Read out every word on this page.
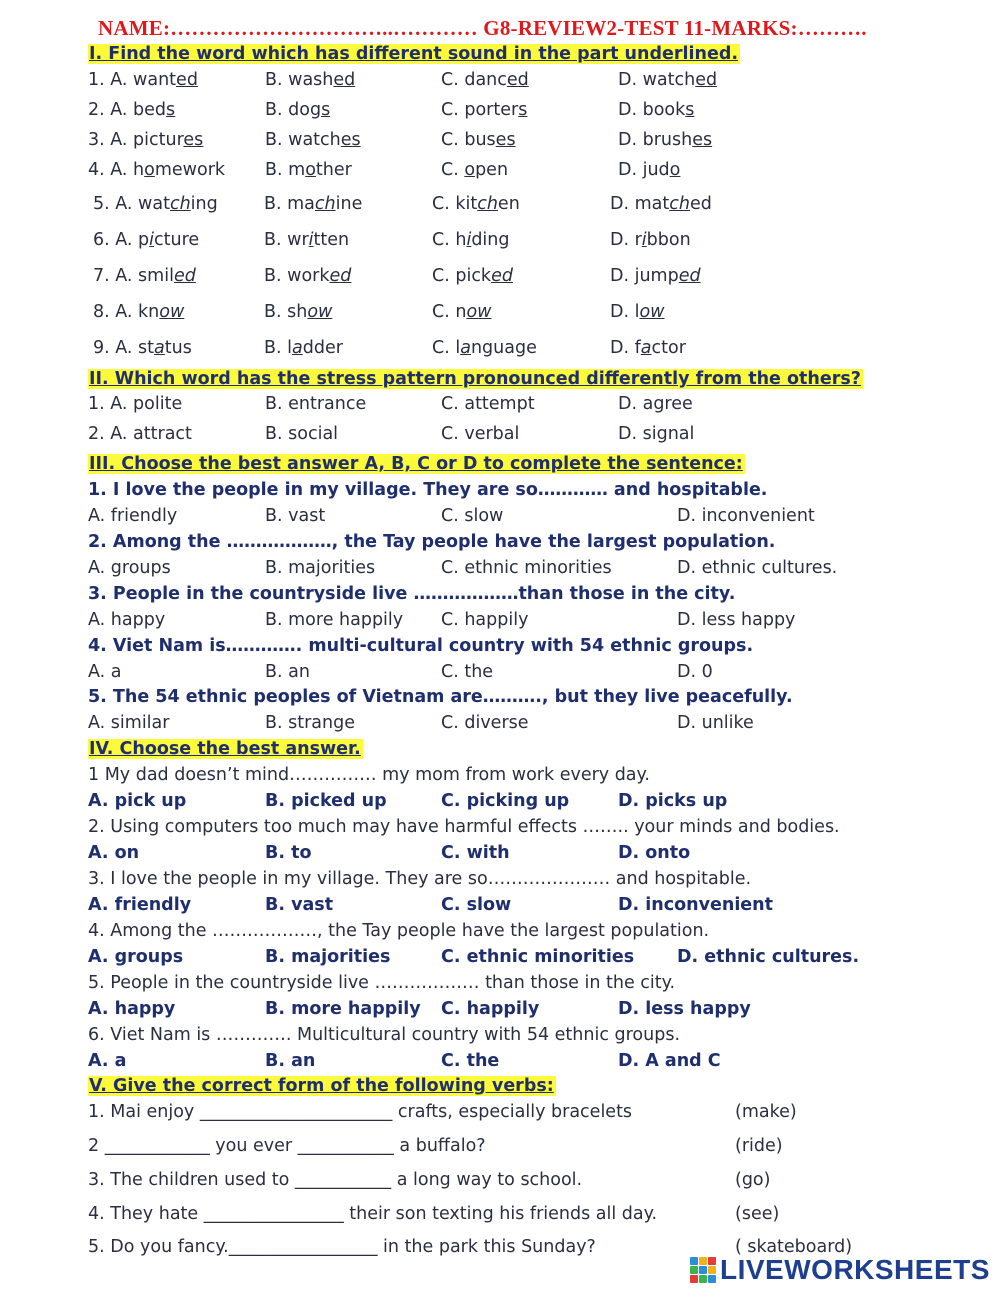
NAME:…………………………..………… G8-REVIEW2-TEST 11-MARKS:……….
I. Find the word which has different sound in the part underlined.
1. A. wanted	B. washed	C. danced	D. watched
2. A. beds	B. dogs	C. porters	D. books
3. A. pictures	B. watches	C. buses	D. brushes
4. A. homework B. mother	C. open	D. judo
5. A. watching	B. machine	C. kitchen	D. matched
6. A. picture	B. written	C. hiding	D. ribbon
7. A. smiled	B. worked	C. picked	D. jumped
8. A. know	B. show	C. now	D. low
9. A. status	B. ladder	C. language	D. factor
II. Which word has the stress pattern pronounced differently from the others?
1. A. polite	B. entrance	C. attempt	D. agree
2. A. attract	B. social	C. verbal	D. signal
III. Choose the best answer A, B, C or D to complete the sentence:
1. I love the people in my village. They are so………… and hospitable.
A. friendly	B. vast	C. slow	D. inconvenient
2. Among the ………………, the Tay people have the largest population.
A. groups	B. majorities	C. ethnic minorities	D. ethnic cultures.
3. People in the countryside live ………………than those in the city.
A. happy	B. more happily C. happily	D. less happy
4. Viet Nam is…………. multi-cultural country with 54 ethnic groups.
A. a	B. an	C. the	D. 0
5. The 54 ethnic peoples of Vietnam are………., but they live peacefully.
A. similar	B. strange	C. diverse	D. unlike
IV. Choose the best answer.
1 My dad doesn’t mind…………… my mom from work every day.
A. pick up	B. picked up	C. picking up	D. picks up
2. Using computers too much may have harmful effects …….. your minds and bodies.
A. on	B. to	C. with	D. onto
3. I love the people in my village. They are so………………… and hospitable.
A. friendly	B. vast	C. slow	D. inconvenient
4. Among the ………………, the Tay people have the largest population.
A. groups	B. majorities	C. ethnic minorities D. ethnic cultures.
5. People in the countryside live ……………… than those in the city.
A. happy	B. more happily C. happily	D. less happy
6. Viet Nam is …………. Multicultural country with 54 ethnic groups.
A. a	B. an	C. the	D. A and C
V. Give the correct form of the following verbs:
1. Mai enjoy ______________________ crafts, especially bracelets	(make)
2 ____________ you ever ___________ a buffalo?	(ride)
3. The children used to ___________ a long way to school.	(go)
4. They hate ________________ their son texting his friends all day.	(see)
5. Do you fancy._________________ in the park this Sunday?	( skateboard)
LIVEWORKSHEETS
